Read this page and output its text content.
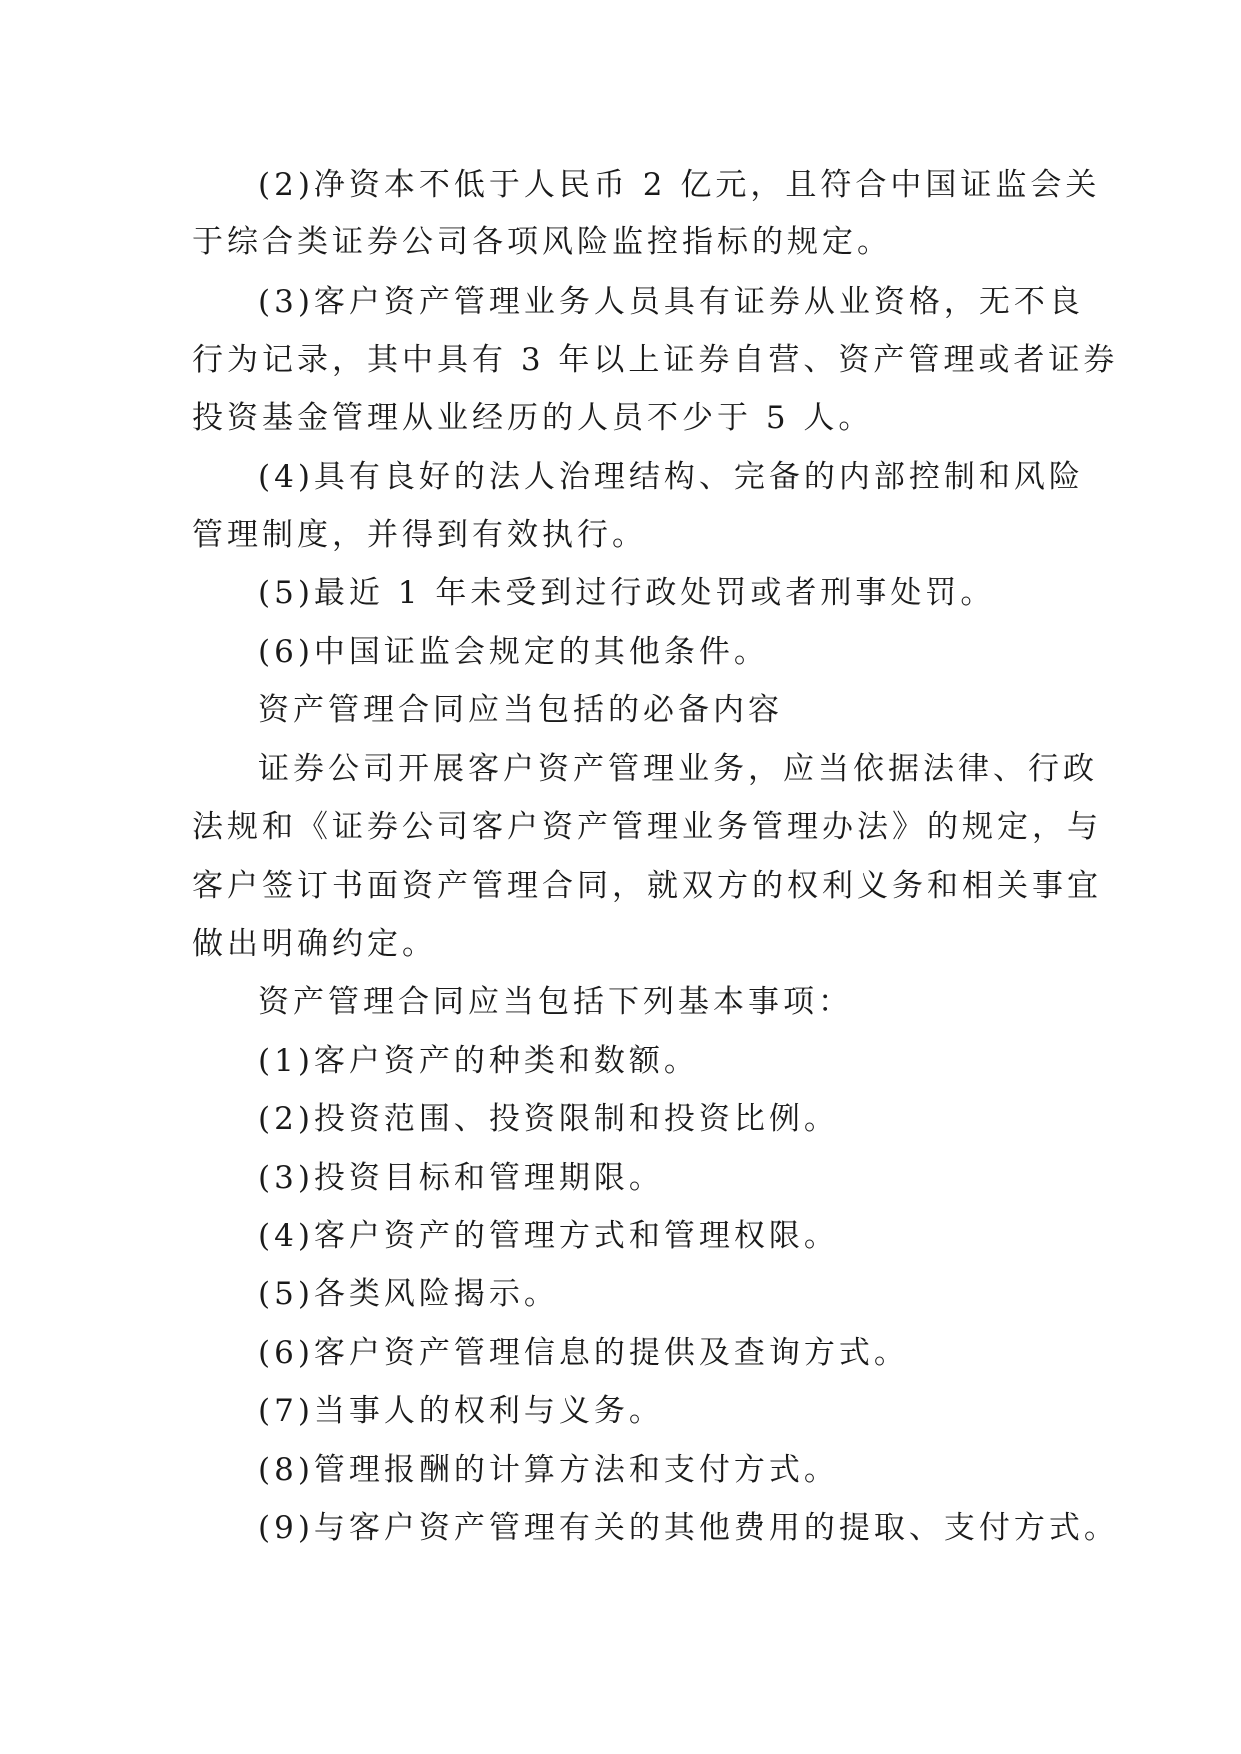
(2)净资本不低于人民币 2 亿元，且符合中国证监会关
于综合类证券公司各项风险监控指标的规定。
(3)客户资产管理业务人员具有证券从业资格，无不良
行为记录，其中具有 3 年以上证券自营、资产管理或者证券
投资基金管理从业经历的人员不少于 5 人。
(4)具有良好的法人治理结构、完备的内部控制和风险
管理制度，并得到有效执行。
(5)最近 1 年未受到过行政处罚或者刑事处罚。
(6)中国证监会规定的其他条件。
资产管理合同应当包括的必备内容
证券公司开展客户资产管理业务，应当依据法律、行政
法规和《证券公司客户资产管理业务管理办法》的规定，与
客户签订书面资产管理合同，就双方的权利义务和相关事宜
做出明确约定。
资产管理合同应当包括下列基本事项：
(1)客户资产的种类和数额。
(2)投资范围、投资限制和投资比例。
(3)投资目标和管理期限。
(4)客户资产的管理方式和管理权限。
(5)各类风险揭示。
(6)客户资产管理信息的提供及查询方式。
(7)当事人的权利与义务。
(8)管理报酬的计算方法和支付方式。
(9)与客户资产管理有关的其他费用的提取、支付方式。
